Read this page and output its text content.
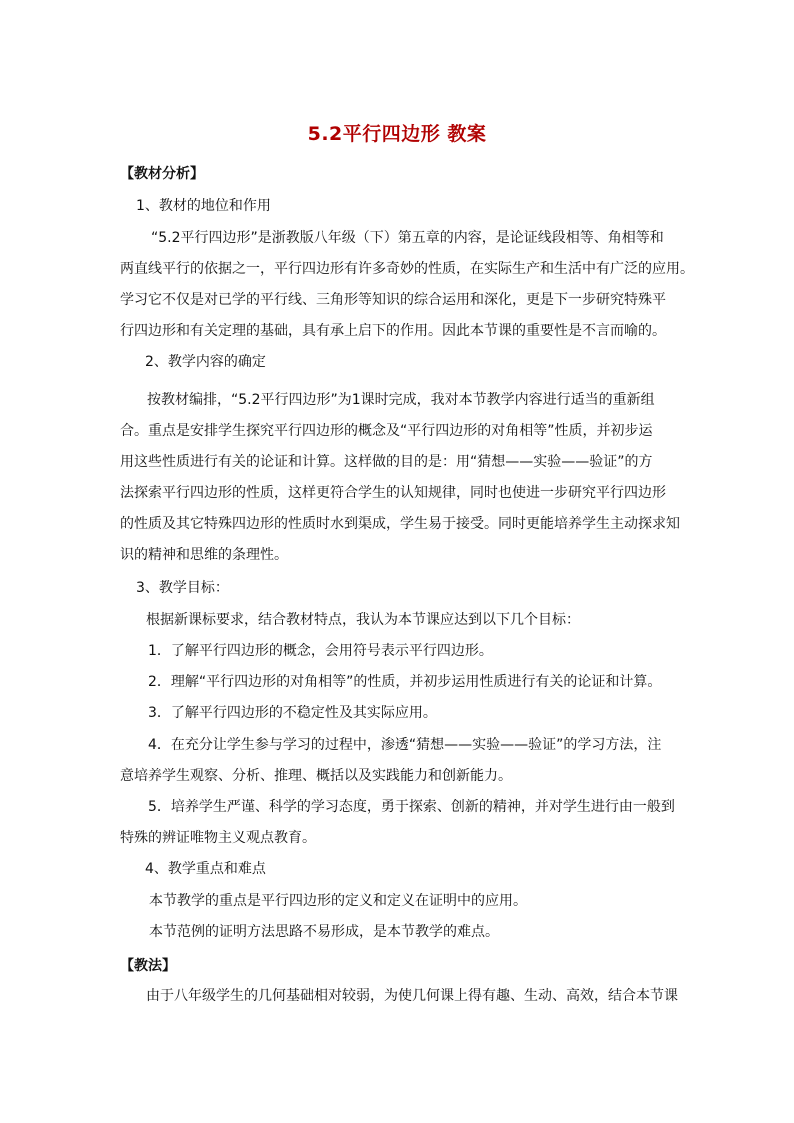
5.2平行四边形 教案
【教材分析】
1、教材的地位和作用
“5.2平行四边形”是浙教版八年级（下）第五章的内容，是论证线段相等、角相等和
两直线平行的依据之一，平行四边形有许多奇妙的性质，在实际生产和生活中有广泛的应用。
学习它不仅是对已学的平行线、三角形等知识的综合运用和深化，更是下一步研究特殊平
行四边形和有关定理的基础，具有承上启下的作用。因此本节课的重要性是不言而喻的。
2、教学内容的确定
按教材编排，“5.2平行四边形”为1课时完成，我对本节教学内容进行适当的重新组
合。重点是安排学生探究平行四边形的概念及“平行四边形的对角相等”性质，并初步运
用这些性质进行有关的论证和计算。这样做的目的是：用“猜想——实验——验证”的方
法探索平行四边形的性质，这样更符合学生的认知规律，同时也使进一步研究平行四边形
的性质及其它特殊四边形的性质时水到渠成，学生易于接受。同时更能培养学生主动探求知
识的精神和思维的条理性。
3、教学目标：
根据新课标要求，结合教材特点，我认为本节课应达到以下几个目标：
1．了解平行四边形的概念，会用符号表示平行四边形。
2．理解“平行四边形的对角相等”的性质，并初步运用性质进行有关的论证和计算。
3．了解平行四边形的不稳定性及其实际应用。
4．在充分让学生参与学习的过程中，渗透“猜想——实验——验证”的学习方法，注
意培养学生观察、分析、推理、概括以及实践能力和创新能力。
5．培养学生严谨、科学的学习态度，勇于探索、创新的精神，并对学生进行由一般到
特殊的辨证唯物主义观点教育。
4、教学重点和难点
本节教学的重点是平行四边形的定义和定义在证明中的应用。
本节范例的证明方法思路不易形成，是本节教学的难点。
【教法】
由于八年级学生的几何基础相对较弱，为使几何课上得有趣、生动、高效，结合本节课
